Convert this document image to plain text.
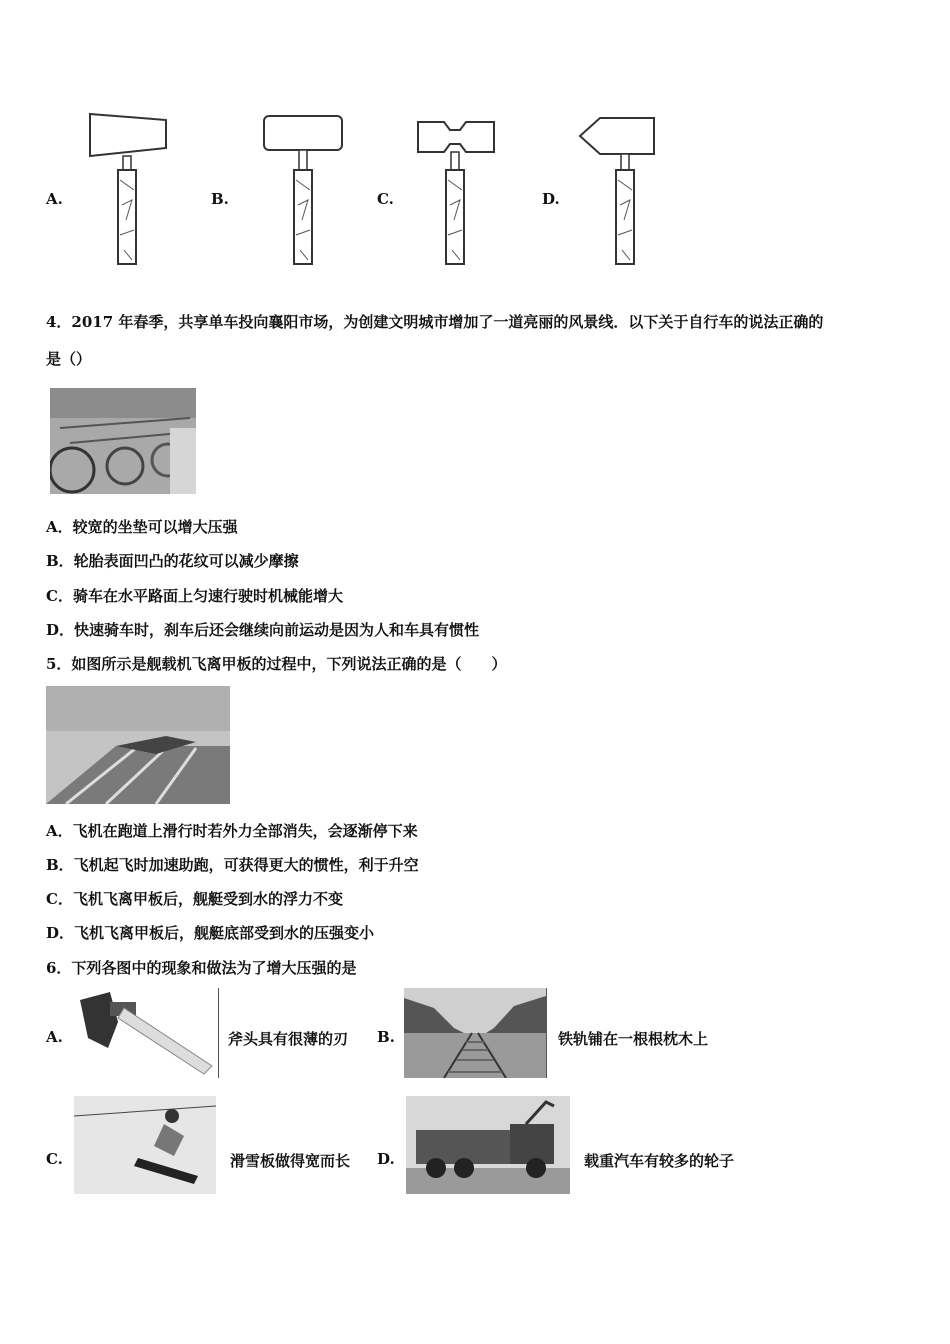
A.	B.	C.	D.
4．2017 年春季，共享单车投向襄阳市场，为创建文明城市增加了一道亮丽的风景线．以下关于自行车的说法正确的
是（）
A．较宽的坐垫可以增大压强
B．轮胎表面凹凸的花纹可以减少摩擦
C．骑车在水平路面上匀速行驶时机械能增大
D．快速骑车时，刹车后还会继续向前运动是因为人和车具有惯性
5．如图所示是舰载机飞离甲板的过程中，下列说法正确的是（　　）
A．飞机在跑道上滑行时若外力全部消失，会逐渐停下来
B．飞机起飞时加速助跑，可获得更大的惯性，利于升空
C．飞机飞离甲板后，舰艇受到水的浮力不变
D．飞机飞离甲板后，舰艇底部受到水的压强变小
6．下列各图中的现象和做法为了增大压强的是
A.	斧头具有很薄的刃 B.	铁轨铺在一根根枕木上
C.	滑雪板做得宽而长 D.	载重汽车有较多的轮子
